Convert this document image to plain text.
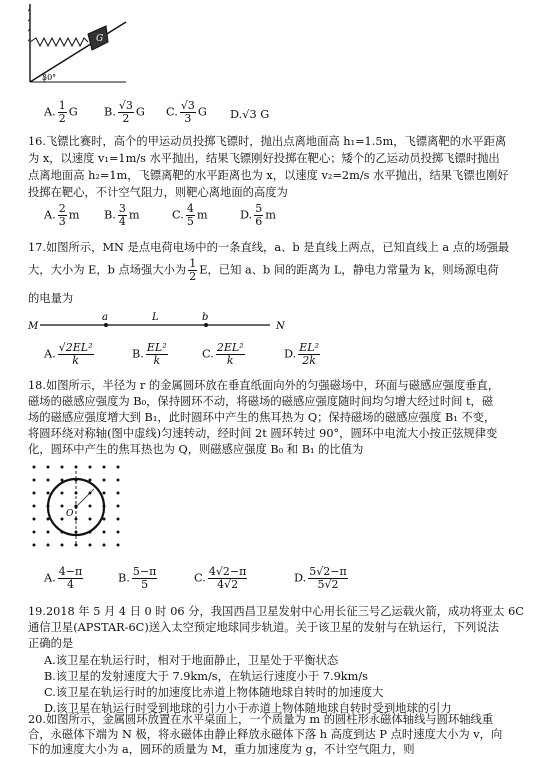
G
30°
A. $\frac{1}{2}$ G B. $\frac{√3}{2}$ G C. $\frac{√3}{3}$ G D.√3 G
16.飞镖比赛时，高个的甲运动员投掷飞镖时，抛出点离地面高 h₁=1.5m，飞镖离靶的水平距离
为 x，以速度 v₁=1m/s 水平抛出，结果飞镖刚好投掷在靶心；矮个的乙运动员投掷飞镖时抛出
点离地面高 h₂=1m，飞镖离靶的水平距离也为 x，以速度 v₂=2m/s 水平抛出，结果飞镖也刚好
投掷在靶心，不计空气阻力，则靶心离地面的高度为
A. $\frac{2}{3}$ m B. $\frac{3}{4}$ m	C. $\frac{4}{5}$ m	D. $\frac{5}{6}$ m
17.如图所示，MN 是点电荷电场中的一条直线，a、b 是直线上两点，已知直线上 a 点的场强最
大，大小为 E，b 点场强大小为 $\frac{1}{2}$ E，已知 a、b 间的距离为 L，静电力常量为 k，则场源电荷
的电量为
M
a	L	b
N
A. $\frac{\text{√2EL²}}{k}$	B. $\frac{\text{EL²}}{k}$	C. $\frac{\text{2EL²}}{k}$	D. $\frac{\text{EL²}}{2k}$
18.如图所示，半径为 r 的金属圆环放在垂直纸面向外的匀强磁场中，环面与磁感应强度垂直，
磁场的磁感应强度为 B₀，保持圆环不动，将磁场的磁感应强度随时间均匀增大经过时间 t，磁
场的磁感应强度增大到 B₁，此时圆环中产生的焦耳热为 Q；保持磁场的磁感应强度 B₁ 不变，
将圆环绕对称轴(图中虚线)匀速转动，经时间 2t 圆环转过 90°，圆环中电流大小按正弦规律变
化，圆环中产生的焦耳热也为 Q，则磁感应强度 B₀ 和 B₁ 的比值为
O
A. $\frac{4-\pi}{4}$	B. $\frac{5-\pi}{5}$	C. $\frac{4√2-\pi}{4√2}$	D. $\frac{5√2-\pi}{5√2}$
19.2018 年 5 月 4 日 0 时 06 分，我国西昌卫星发射中心用长征三号乙运载火箭，成功将亚太 6C
通信卫星(APSTAR-6C)送入太空预定地球同步轨道。关于该卫星的发射与在轨运行，下列说法
正确的是
A.该卫星在轨运行时，相对于地面静止，卫星处于平衡状态
B.该卫星的发射速度大于 7.9km/s，在轨运行速度小于 7.9km/s
C.该卫星在轨运行时的加速度比赤道上物体随地球自转时的加速度大
D.该卫星在轨运行时受到地球的引力小于赤道上物体随地球自转时受到地球的引力
20.如图所示，金属圆环放置在水平桌面上，一个质量为 m 的圆柱形永磁体轴线与圆环轴线重
合，永磁体下端为 N 极，将永磁体由静止释放永磁体下落 h 高度到达 P 点时速度大小为 v，向
下的加速度大小为 a，圆环的质量为 M，重力加速度为 g，不计空气阻力，则
